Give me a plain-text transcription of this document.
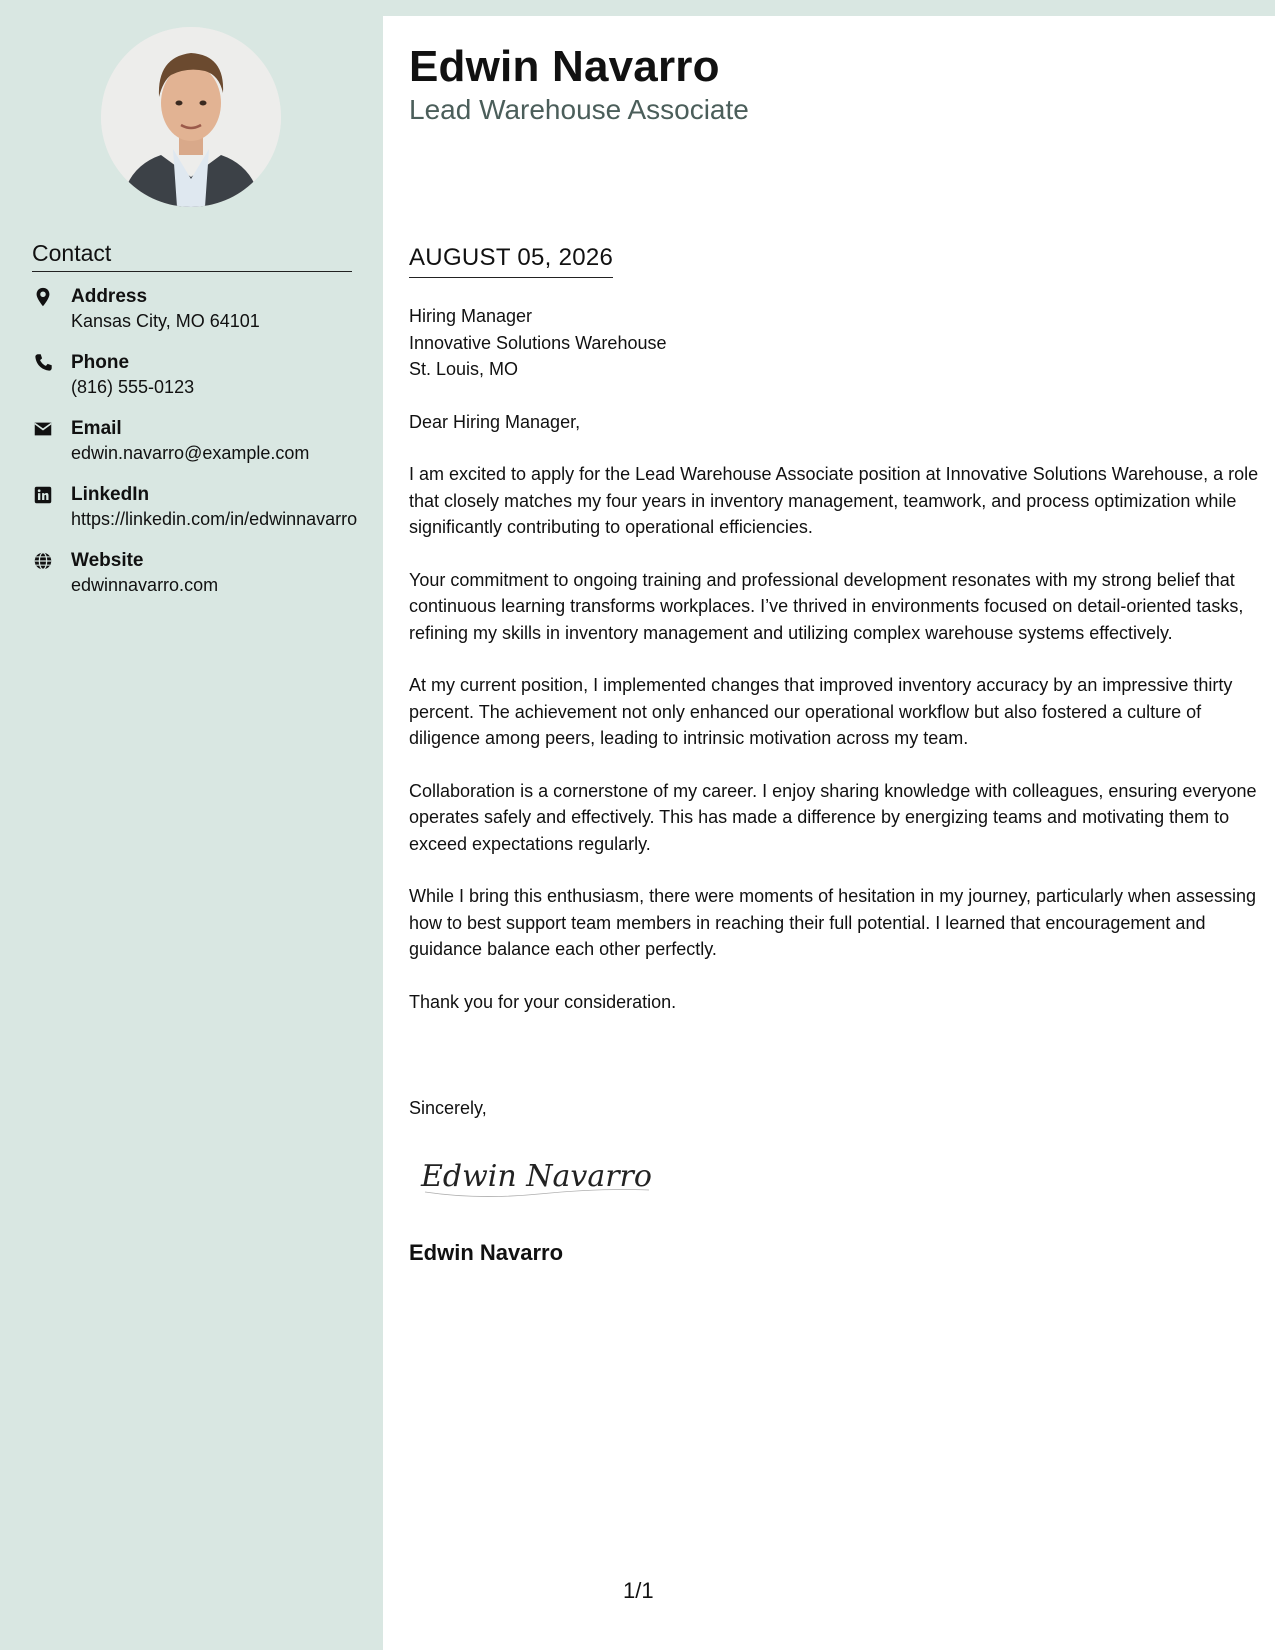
Contact
Address
Kansas City, MO 64101
Phone
(816) 555-0123
Email
edwin.navarro@example.com
LinkedIn
https://linkedin.com/in/edwinnavarro
Website
edwinnavarro.com
Edwin Navarro
Lead Warehouse Associate
AUGUST 05, 2026
Hiring Manager
Innovative Solutions Warehouse
St. Louis, MO

Dear Hiring Manager,

I am excited to apply for the Lead Warehouse Associate position at Innovative Solutions Warehouse, a role that closely matches my four years in inventory management, teamwork, and process optimization while significantly contributing to operational efficiencies.

Your commitment to ongoing training and professional development resonates with my strong belief that continuous learning transforms workplaces. I’ve thrived in environments focused on detail-oriented tasks, refining my skills in inventory management and utilizing complex warehouse systems effectively.

At my current position, I implemented changes that improved inventory accuracy by an impressive thirty percent. The achievement not only enhanced our operational workflow but also fostered a culture of diligence among peers, leading to intrinsic motivation across my team.

Collaboration is a cornerstone of my career. I enjoy sharing knowledge with colleagues, ensuring everyone operates safely and effectively. This has made a difference by energizing teams and motivating them to exceed expectations regularly.

While I bring this enthusiasm, there were moments of hesitation in my journey, particularly when assessing how to best support team members in reaching their full potential. I learned that encouragement and guidance balance each other perfectly.

Thank you for your consideration.

Sincerely,
Edwin Navarro
Edwin Navarro
1/1
